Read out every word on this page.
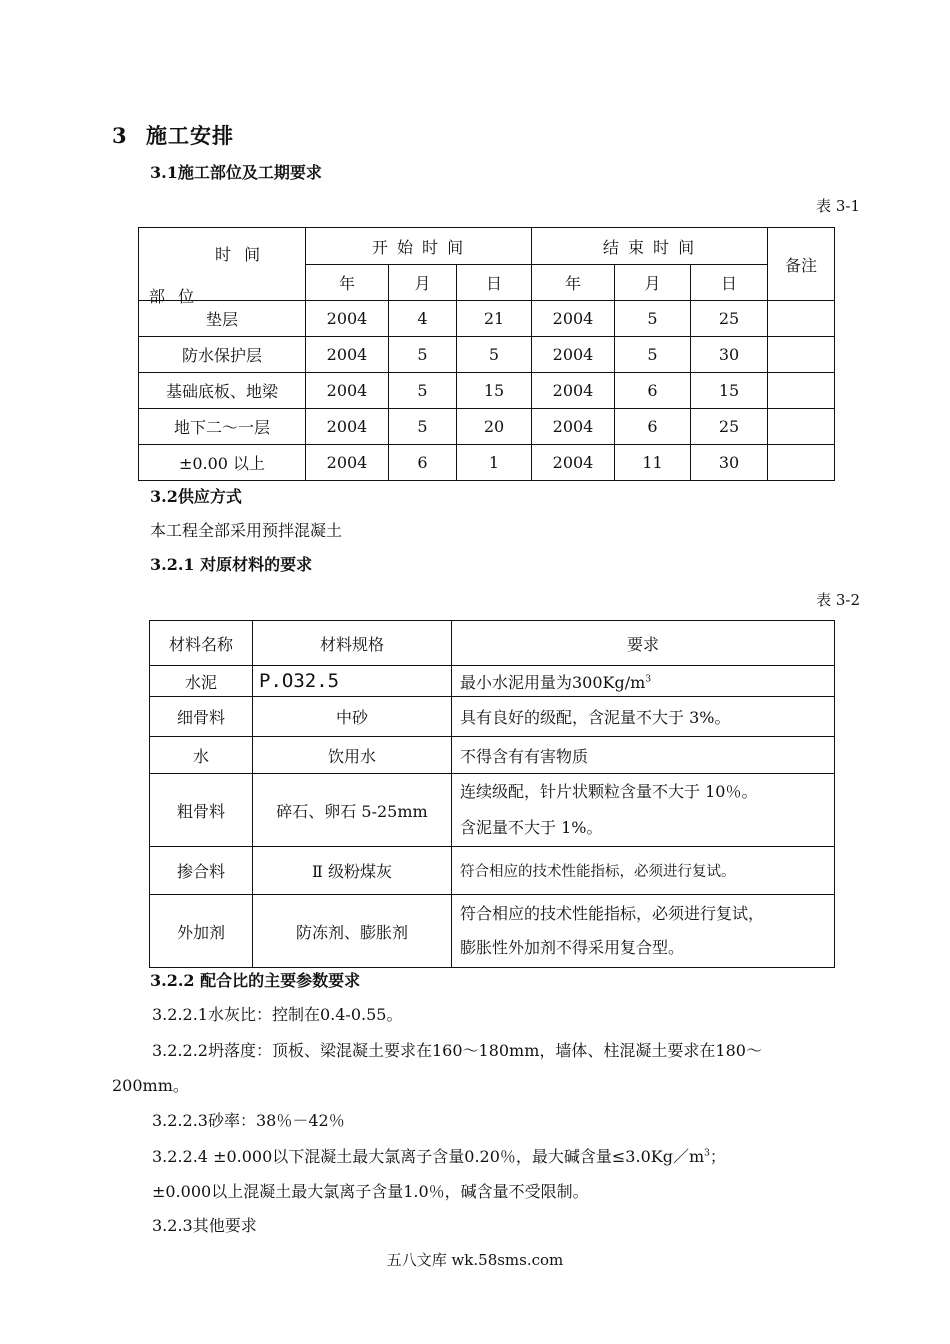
3 施工安排
3.1施工部位及工期要求
表 3-1
时 间
部 位	开 始 时 间			结 束 时 间			备注
	年	月	日	年	月	日	
垫层	2004	4	21	2004	5	25	
防水保护层	2004	5	5	2004	5	30	
基础底板、地梁	2004	5	15	2004	6	15	
地下二～一层	2004	5	20	2004	6	25	
±0.00 以上	2004	6	1	2004	11	30	
3.2供应方式
本工程全部采用预拌混凝土
3.2.1 对原材料的要求
表 3-2
材料名称	材料规格	要求
水泥	P.O32.5	最小水泥用量为$300Kg/m^3$
细骨料	中砂	具有良好的级配，含泥量不大于 3%。
水	饮用水	不得含有有害物质
粗骨料	碎石、卵石 5-25mm	连续级配，针片状颗粒含量不大于 10％。
含泥量不大于 1%。

掺合料	Ⅱ 级粉煤灰	符合相应的技术性能指标，必须进行复试。
外加剂	防冻剂、膨胀剂	符合相应的技术性能指标，必须进行复试，
膨胀性外加剂不得采用复合型。
3.2.2 配合比的主要参数要求
3.2.2.1水灰比：控制在0.4-0.55。
3.2.2.2坍落度：顶板、梁混凝土要求在160～180mm，墙体、柱混凝土要求在180～
200mm。
3.2.2.3砂率：38％－42％
3.2.2.4 ±0.000以下混凝土最大氯离子含量0.20％，最大碱含量$\le 3.0Kg/m^3$；
±0.000以上混凝土最大氯离子含量1.0％，碱含量不受限制。
3.2.3其他要求
五八文库 wk.58sms.com
